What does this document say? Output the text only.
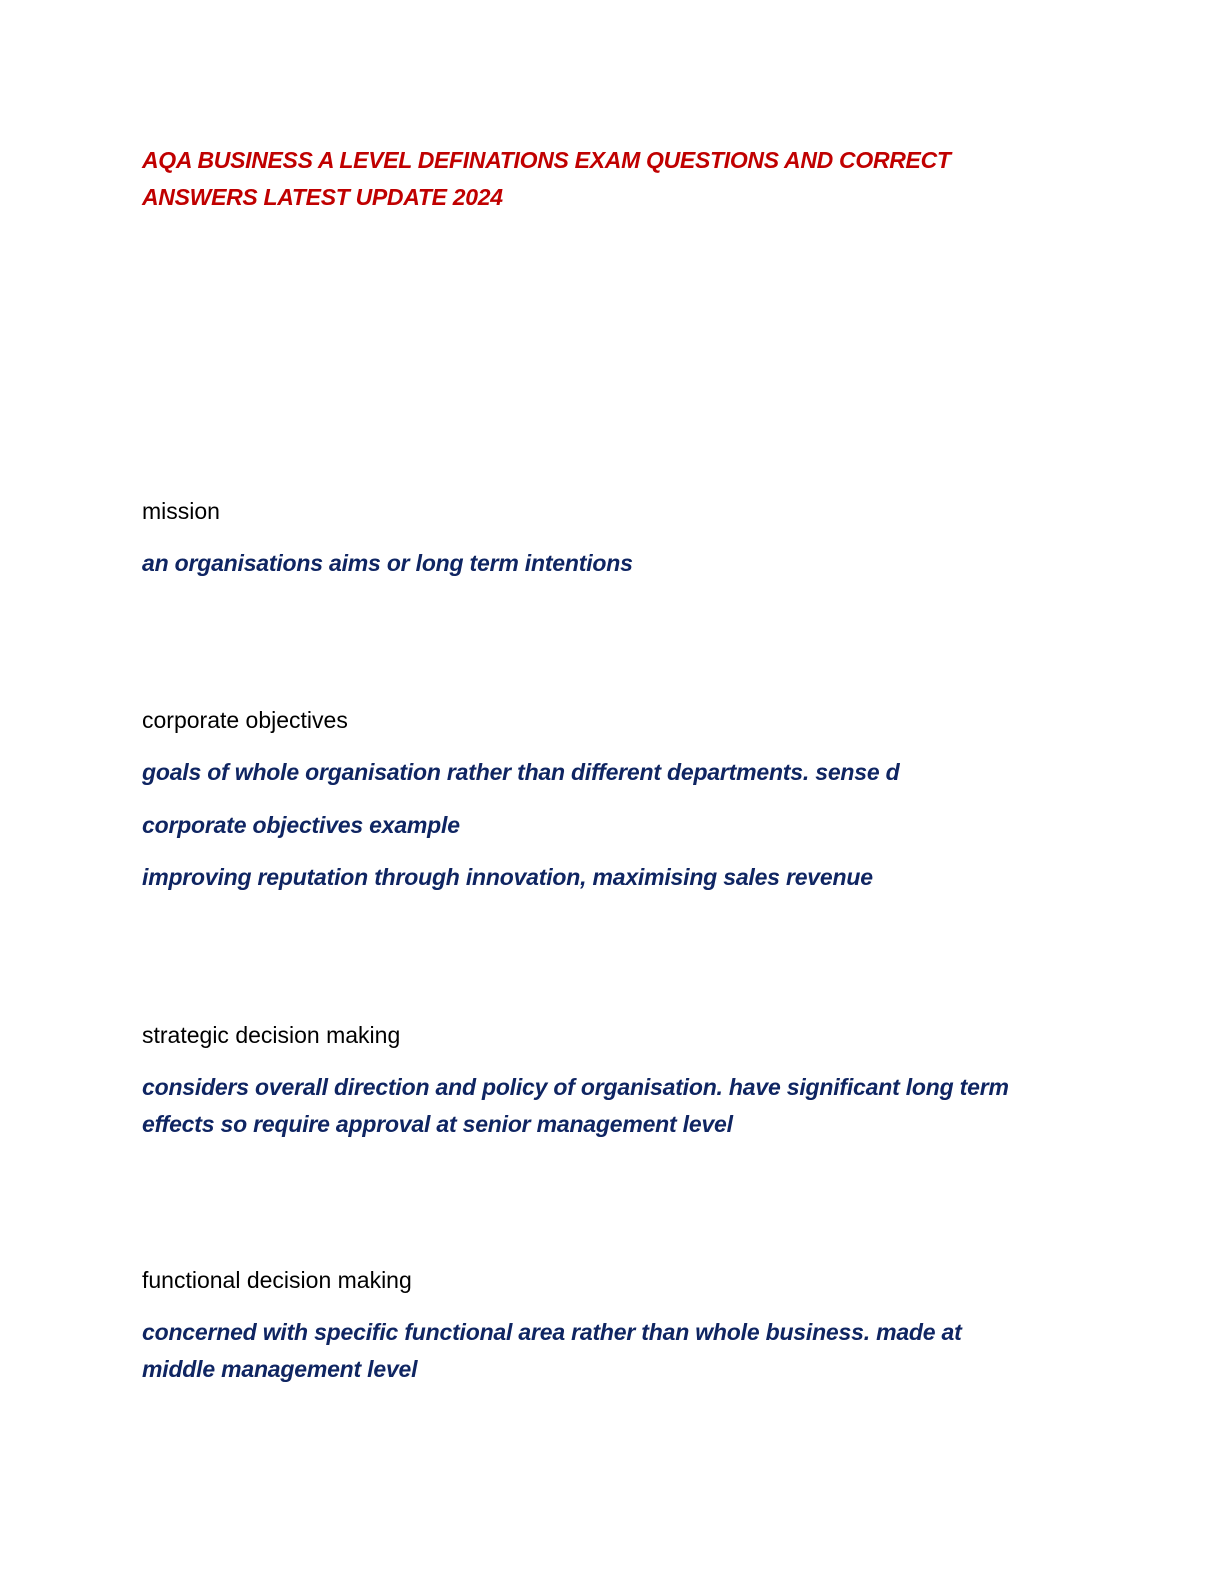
AQA BUSINESS A LEVEL DEFINATIONS EXAM QUESTIONS AND CORRECT
ANSWERS LATEST UPDATE 2024
mission
an organisations aims or long term intentions
corporate objectives
goals of whole organisation rather than different departments. sense d
corporate objectives example
improving reputation through innovation, maximising sales revenue
strategic decision making
considers overall direction and policy of organisation. have significant long term
effects so require approval at senior management level
functional decision making
concerned with specific functional area rather than whole business. made at
middle management level
